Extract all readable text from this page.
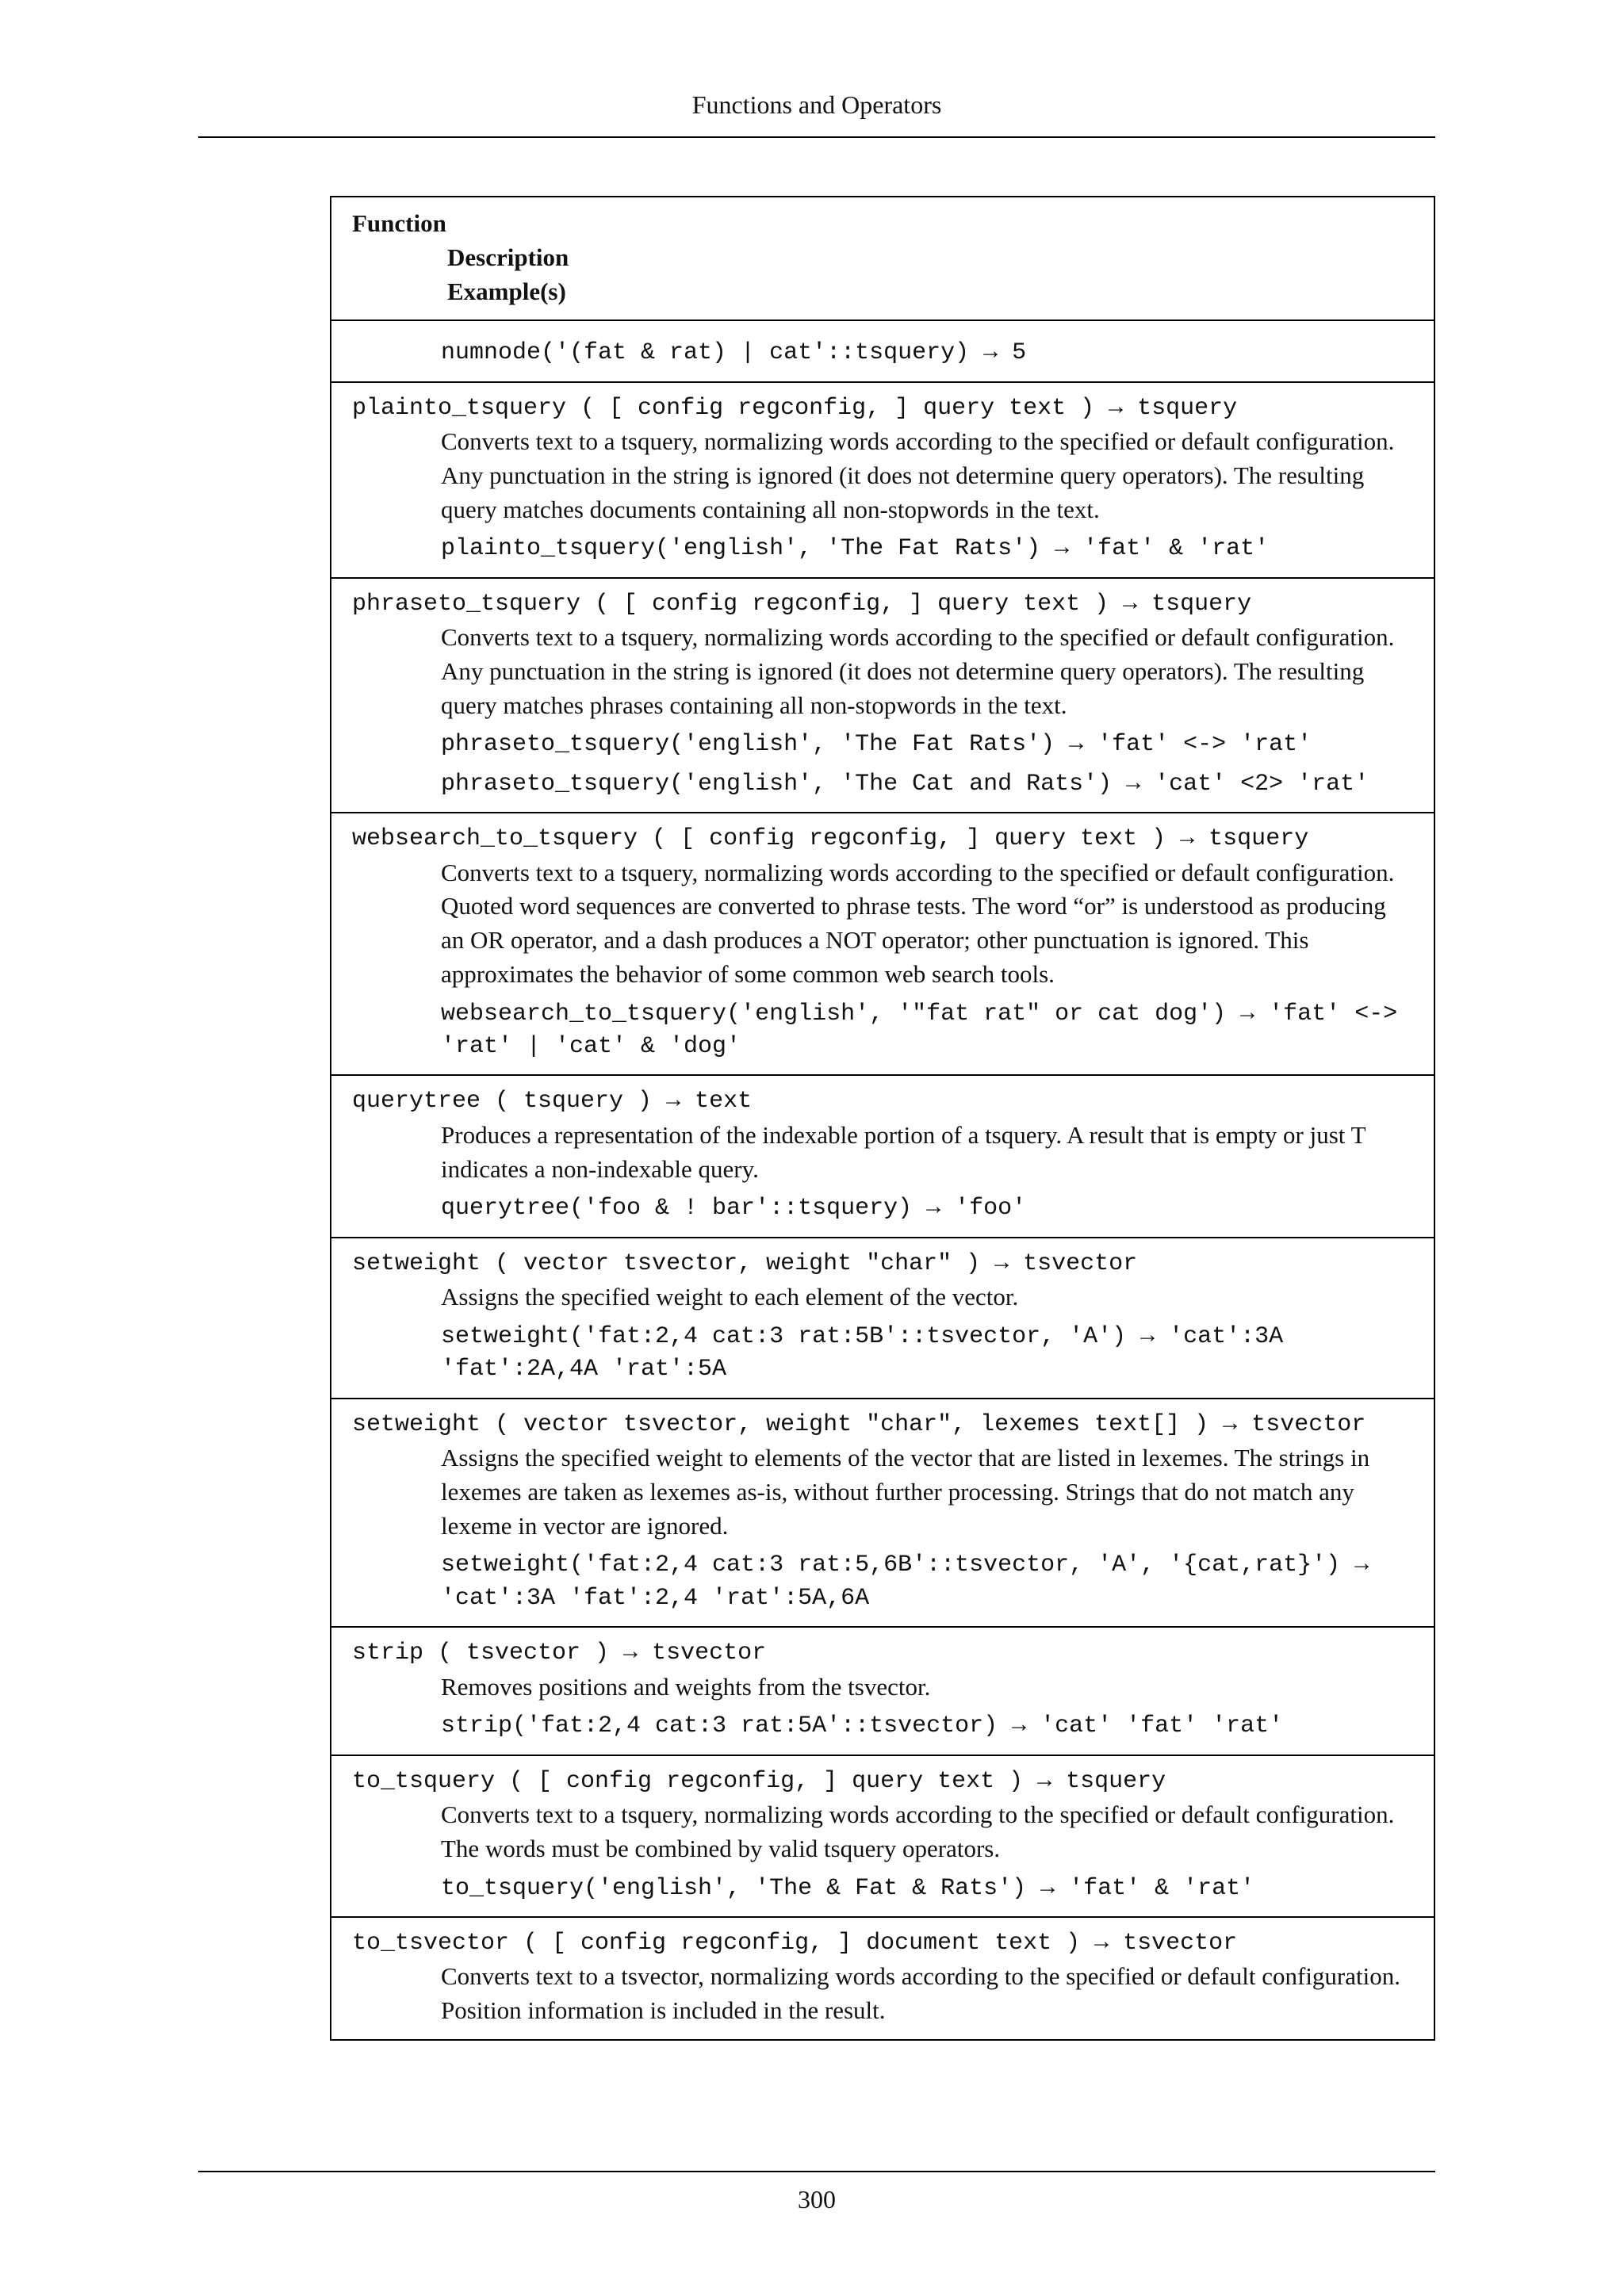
Functions and Operators
Function
Description
Example(s)

numnode('(fat & rat) | cat'::tsquery) → 5

plainto_tsquery ( [ config regconfig, ] query text ) → tsquery
Converts text to a tsquery, normalizing words according to the specified or default configuration. Any punctuation in the string is ignored (it does not determine query operators). The resulting query matches documents containing all non-stopwords in the text.
plainto_tsquery('english', 'The Fat Rats') → 'fat' & 'rat'

phraseto_tsquery ( [ config regconfig, ] query text ) → tsquery
Converts text to a tsquery, normalizing words according to the specified or default configuration. Any punctuation in the string is ignored (it does not determine query operators). The resulting query matches phrases containing all non-stopwords in the text.
phraseto_tsquery('english', 'The Fat Rats') → 'fat' <-> 'rat'
phraseto_tsquery('english', 'The Cat and Rats') → 'cat' <2> 'rat'

websearch_to_tsquery ( [ config regconfig, ] query text ) → tsquery
Converts text to a tsquery, normalizing words according to the specified or default configuration. Quoted word sequences are converted to phrase tests. The word “or” is understood as producing an OR operator, and a dash produces a NOT operator; other punctuation is ignored. This approximates the behavior of some common web search tools.
websearch_to_tsquery('english', '"fat rat" or cat dog') → 'fat' <-> 'rat' | 'cat' & 'dog'

querytree ( tsquery ) → text
Produces a representation of the indexable portion of a tsquery. A result that is empty or just T indicates a non-indexable query.
querytree('foo & ! bar'::tsquery) → 'foo'

setweight ( vector tsvector, weight "char" ) → tsvector
Assigns the specified weight to each element of the vector.
setweight('fat:2,4 cat:3 rat:5B'::tsvector, 'A') → 'cat':3A 'fat':2A,4A 'rat':5A

setweight ( vector tsvector, weight "char", lexemes text[] ) → tsvector
Assigns the specified weight to elements of the vector that are listed in lexemes. The strings in lexemes are taken as lexemes as-is, without further processing. Strings that do not match any lexeme in vector are ignored.
setweight('fat:2,4 cat:3 rat:5,6B'::tsvector, 'A', '{cat,rat}') → 'cat':3A 'fat':2,4 'rat':5A,6A

strip ( tsvector ) → tsvector
Removes positions and weights from the tsvector.
strip('fat:2,4 cat:3 rat:5A'::tsvector) → 'cat' 'fat' 'rat'

to_tsquery ( [ config regconfig, ] query text ) → tsquery
Converts text to a tsquery, normalizing words according to the specified or default configuration. The words must be combined by valid tsquery operators.
to_tsquery('english', 'The & Fat & Rats') → 'fat' & 'rat'

to_tsvector ( [ config regconfig, ] document text ) → tsvector
Converts text to a tsvector, normalizing words according to the specified or default configuration. Position information is included in the result.
300
